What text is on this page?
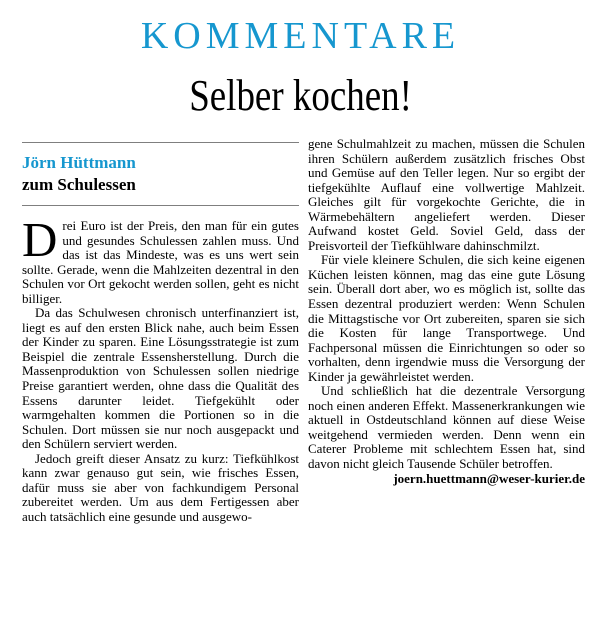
KOMMENTARE
Selber kochen!
Jörn Hüttmann
zum Schulessen

Drei Euro ist der Preis, den man für ein gutes und gesundes Schulessen zahlen muss. Und das ist das Mindeste, was es uns wert sein sollte. Gerade, wenn die Mahlzeiten dezentral in den Schulen vor Ort gekocht werden sollen, geht es nicht billiger.

Da das Schulwesen chronisch unterfinanziert ist, liegt es auf den ersten Blick nahe, auch beim Essen der Kinder zu sparen. Eine Lösungsstrategie ist zum Beispiel die zentrale Essensherstellung. Durch die Massenproduktion von Schulessen sollen niedrige Preise garantiert werden, ohne dass die Qualität des Essens darunter leidet. Tiefgekühlt oder warmgehalten kommen die Portionen so in die Schulen. Dort müssen sie nur noch ausgepackt und den Schülern serviert werden.

Jedoch greift dieser Ansatz zu kurz: Tiefkühlkost kann zwar genauso gut sein, wie frisches Essen, dafür muss sie aber von fachkundigem Personal zubereitet werden. Um aus dem Fertigessen aber auch tatsächlich eine gesunde und ausgewo-

gene Schulmahlzeit zu machen, müssen die Schulen ihren Schülern außerdem zusätzlich frisches Obst und Gemüse auf den Teller legen. Nur so ergibt der tiefgekühlte Auflauf eine vollwertige Mahlzeit. Gleiches gilt für vorgekochte Gerichte, die in Wärmebehältern angeliefert werden. Dieser Aufwand kostet Geld. Soviel Geld, dass der Preisvorteil der Tiefkühlware dahinschmilzt.

Für viele kleinere Schulen, die sich keine eigenen Küchen leisten können, mag das eine gute Lösung sein. Überall dort aber, wo es möglich ist, sollte das Essen dezentral produziert werden: Wenn Schulen die Mittagstische vor Ort zubereiten, sparen sie sich die Kosten für lange Transportwege. Und Fachpersonal müssen die Einrichtungen so oder so vorhalten, denn irgendwie muss die Versorgung der Kinder ja gewährleistet werden.

Und schließlich hat die dezentrale Versorgung noch einen anderen Effekt. Massenerkrankungen wie aktuell in Ostdeutschland können auf diese Weise weitgehend vermieden werden. Denn wenn ein Caterer Probleme mit schlechtem Essen hat, sind davon nicht gleich Tausende Schüler betroffen.

joern.huettmann@weser-kurier.de
